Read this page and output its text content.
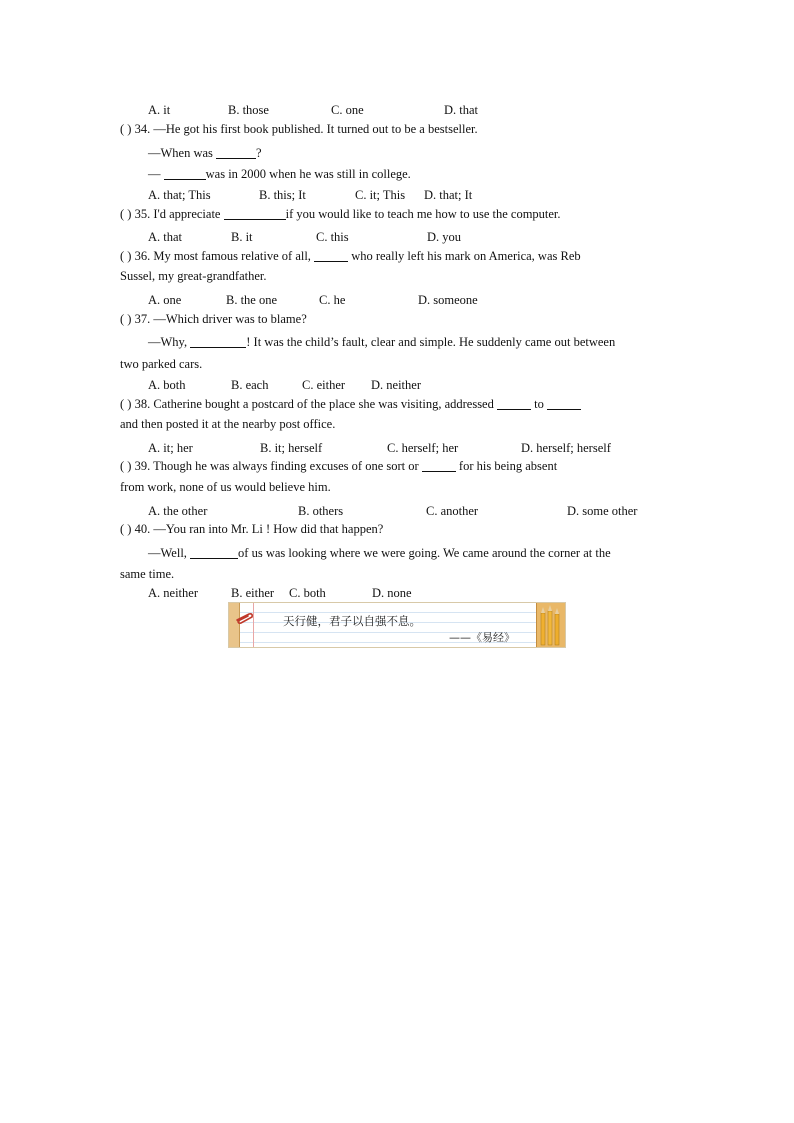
A. it	B. those	C. one	D. that
( ) 34. —He got his first book published. It turned out to be a bestseller.
—When was	?
—	was in 2000 when he was still in college.
A. that; This	B. this; It	C. it; This D. that; It
( ) 35. I'd appreciate	if you would like to teach me how to use the computer.
A. that	B. it	C. this	D. you
( ) 36. My most famous relative of all,	who really left his mark on America, was Reb
Sussel, my great-grandfather.
A. one	B. the one	C. he	D. someone
( ) 37. —Which driver was to blame?
—Why,	! It was the child’s fault, clear and simple. He suddenly came out between
two parked cars.
A. both	B. each	C. either D. neither
( ) 38. Catherine bought a postcard of the place she was visiting, addressed	to
and then posted it at the nearby post office.
A. it; her	B. it; herself	C. herself; her	D. herself; herself
( ) 39. Though he was always finding excuses of one sort or	for his being absent
from work, none of us would believe him.
A. the other	B. others	C. another	D. some other
( ) 40. —You ran into Mr. Li ! How did that happen?
—Well,	of us was looking where we were going. We came around the corner at the
same time.
A. neither	B. either C. both	D. none
天行健，君子以自强不息。
——《易经》
